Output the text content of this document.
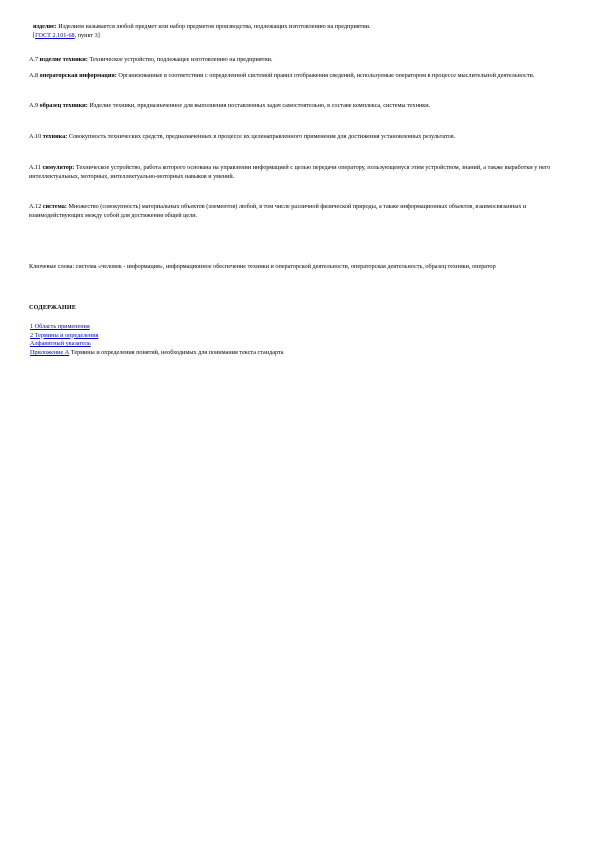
изделие: Изделием называется любой предмет или набор предметов производства, подлежащих изготовлению на предприятии.
[ГОСТ 2.101-68, пункт 3]

А.7 изделие техники: Техническое устройство, подлежащее изготовлению на предприятии.

А.8 операторская информация: Организованные в соответствии с определенной системой правил отображения сведений, используемые оператором в процессе мыслительной деятельности.

А.9 образец техники: Изделие техники, предназначенное для выполнения поставленных задач самостоятельно, в составе комплекса, системы техники.

А.10 техника: Совокупность технических средств, предназначенных в процессе их целенаправленного применения для достижения установленных результатов.

А.11 симулятор: Техническое устройство, работа которого основана на управлении информацией с целью передачи оператору, пользующемуся этим устройством, знаний, а также выработки у него интеллектуальных, моторных, интеллектуально-моторных навыков и умений.

А.12 система: Множество (совокупность) материальных объектов (элементов) любой, в том числе различной физической природы, а также информационных объектов, взаимосвязанных и взаимодействующих между собой для достижения общей цели.

Ключевые слова: система «человек - информация», информационное обеспечение техники и операторской деятельности, операторская деятельность, образец техники, оператор

СОДЕРЖАНИЕ

1 Область применения
2 Термины и определения
Алфавитный указатель
Приложение А Термины и определения понятий, необходимых для понимания текста стандарта
